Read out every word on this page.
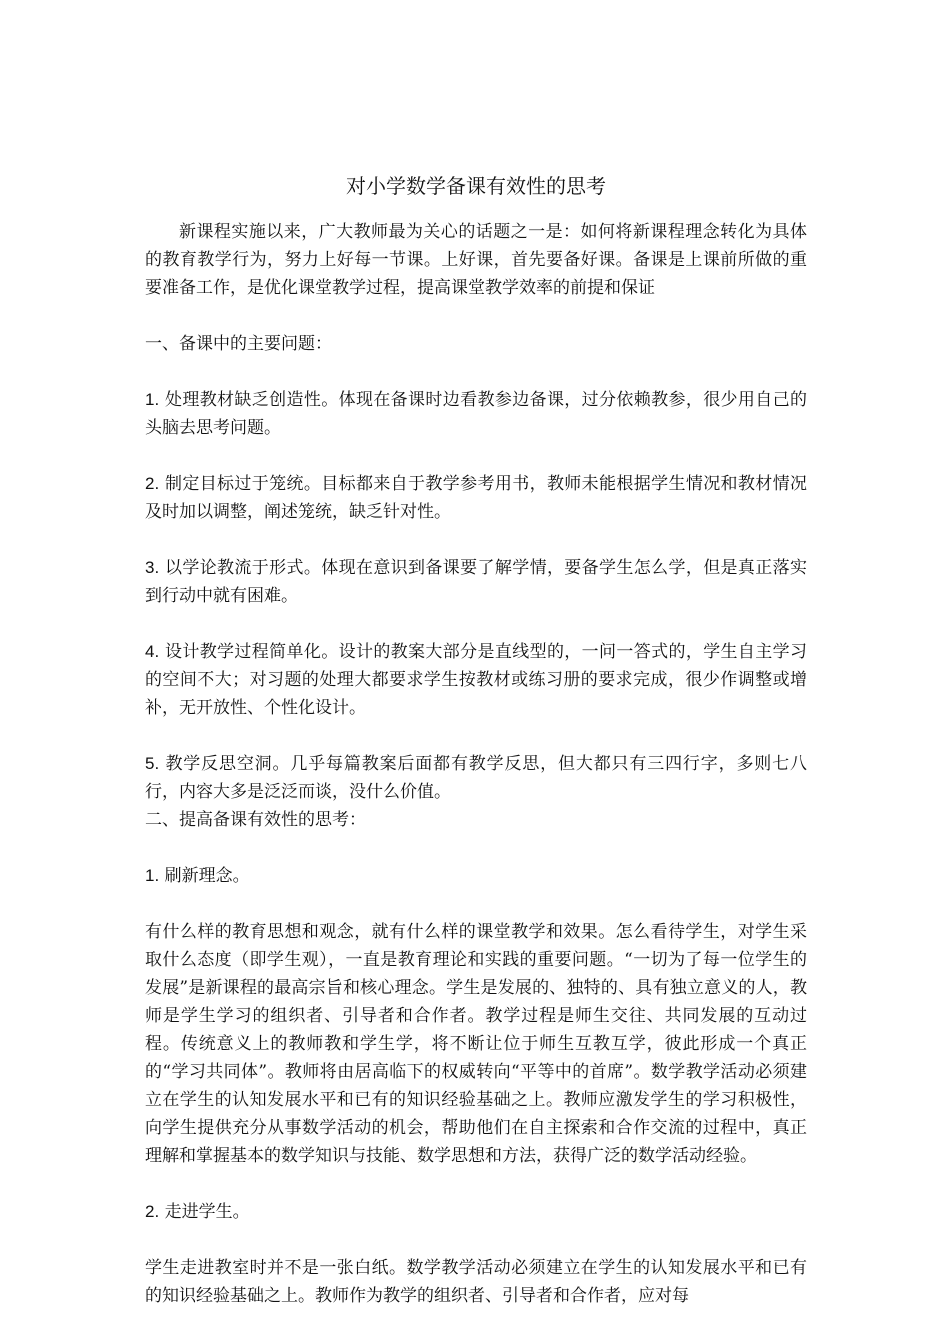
对小学数学备课有效性的思考

新课程实施以来，广大教师最为关心的话题之一是：如何将新课程理念转化为具体的教育教学行为，努力上好每一节课。上好课，首先要备好课。备课是上课前所做的重要准备工作，是优化课堂教学过程，提高课堂教学效率的前提和保证

一、备课中的主要问题：

1. 处理教材缺乏创造性。体现在备课时边看教参边备课，过分依赖教参，很少用自己的头脑去思考问题。

2. 制定目标过于笼统。目标都来自于教学参考用书，教师未能根据学生情况和教材情况及时加以调整，阐述笼统，缺乏针对性。

3. 以学论教流于形式。体现在意识到备课要了解学情，要备学生怎么学，但是真正落实到行动中就有困难。

4. 设计教学过程简单化。设计的教案大部分是直线型的，一问一答式的，学生自主学习的空间不大；对习题的处理大都要求学生按教材或练习册的要求完成，很少作调整或增补，无开放性、个性化设计。

5. 教学反思空洞。几乎每篇教案后面都有教学反思，但大都只有三四行字，多则七八行，内容大多是泛泛而谈，没什么价值。

二、提高备课有效性的思考：

1. 刷新理念。

有什么样的教育思想和观念，就有什么样的课堂教学和效果。怎么看待学生，对学生采取什么态度（即学生观），一直是教育理论和实践的重要问题。“一切为了每一位学生的发展”是新课程的最高宗旨和核心理念。学生是发展的、独特的、具有独立意义的人，教师是学生学习的组织者、引导者和合作者。教学过程是师生交往、共同发展的互动过程。传统意义上的教师教和学生学，将不断让位于师生互教互学，彼此形成一个真正的“学习共同体”。教师将由居高临下的权威转向“平等中的首席”。数学教学活动必须建立在学生的认知发展水平和已有的知识经验基础之上。教师应激发学生的学习积极性，向学生提供充分从事数学活动的机会，帮助他们在自主探索和合作交流的过程中，真正理解和掌握基本的数学知识与技能、数学思想和方法，获得广泛的数学活动经验。

2. 走进学生。

学生走进教室时并不是一张白纸。数学教学活动必须建立在学生的认知发展水平和已有的知识经验基础之上。教师作为教学的组织者、引导者和合作者，应对每
